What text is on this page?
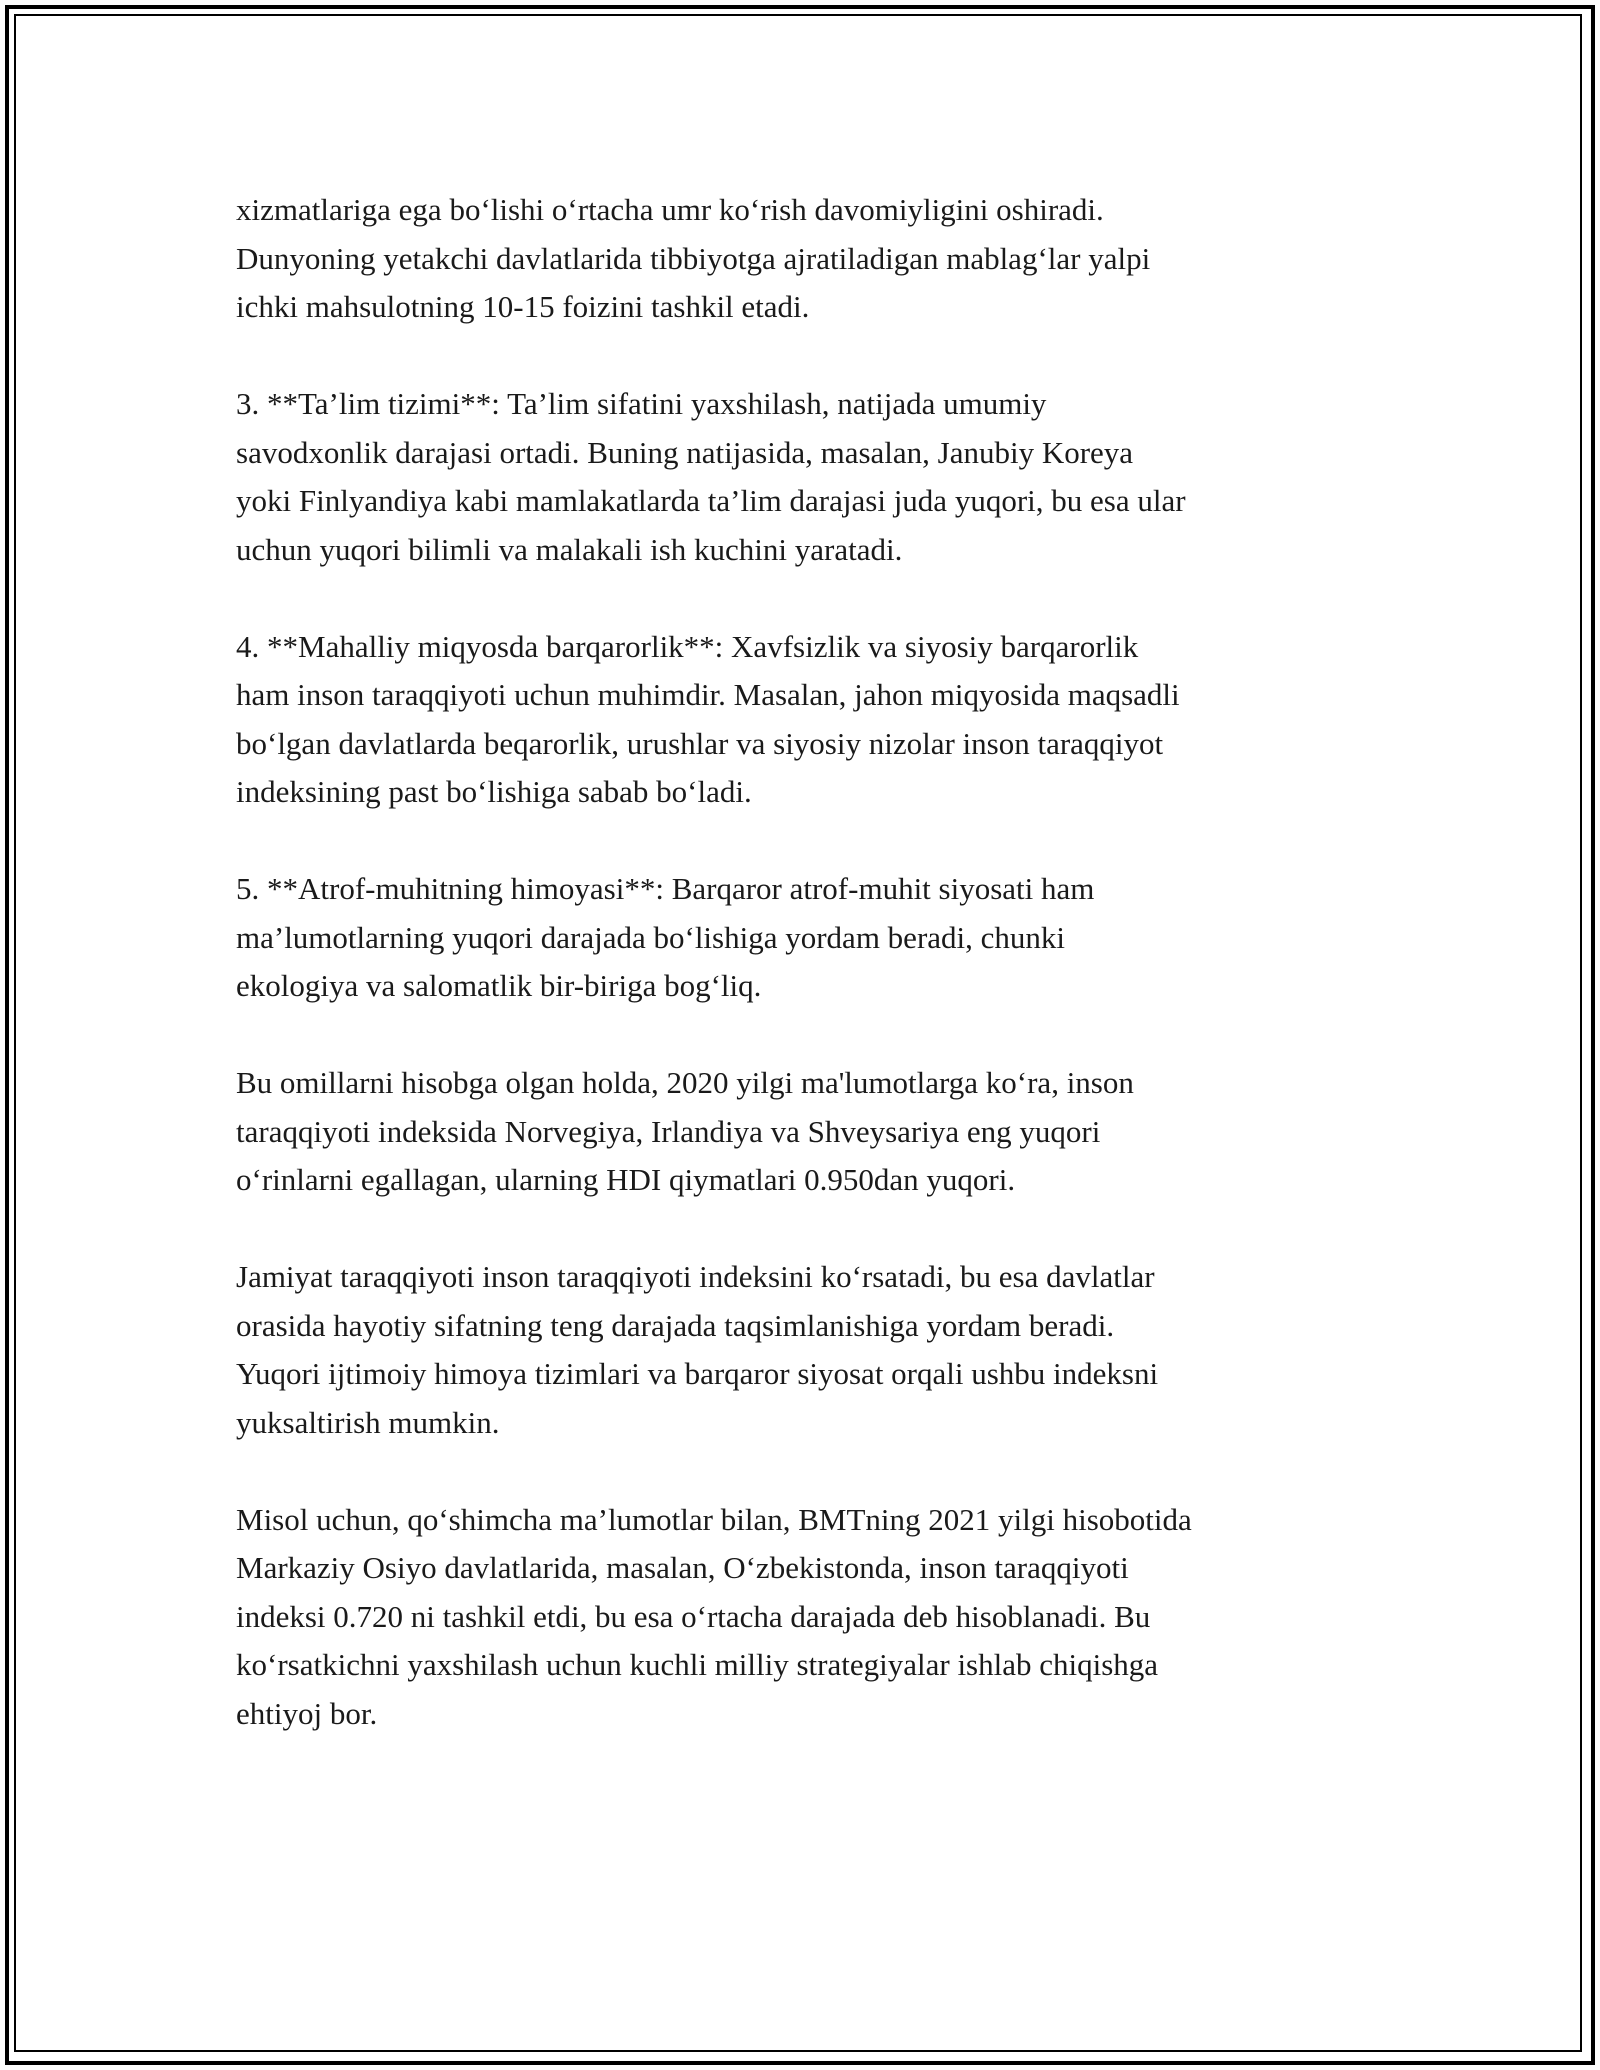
xizmatlariga ega bo‘lishi o‘rtacha umr ko‘rish davomiyligini oshiradi.
Dunyoning yetakchi davlatlarida tibbiyotga ajratiladigan mablag‘lar yalpi
ichki mahsulotning 10-15 foizini tashkil etadi.

3. **Ta’lim tizimi**: Ta’lim sifatini yaxshilash, natijada umumiy
savodxonlik darajasi ortadi. Buning natijasida, masalan, Janubiy Koreya
yoki Finlyandiya kabi mamlakatlarda ta’lim darajasi juda yuqori, bu esa ular
uchun yuqori bilimli va malakali ish kuchini yaratadi.

4. **Mahalliy miqyosda barqarorlik**: Xavfsizlik va siyosiy barqarorlik
ham inson taraqqiyoti uchun muhimdir. Masalan, jahon miqyosida maqsadli
bo‘lgan davlatlarda beqarorlik, urushlar va siyosiy nizolar inson taraqqiyot
indeksining past bo‘lishiga sabab bo‘ladi.

5. **Atrof-muhitning himoyasi**: Barqaror atrof-muhit siyosati ham
ma’lumotlarning yuqori darajada bo‘lishiga yordam beradi, chunki
ekologiya va salomatlik bir-biriga bog‘liq.

Bu omillarni hisobga olgan holda, 2020 yilgi ma'lumotlarga ko‘ra, inson
taraqqiyoti indeksida Norvegiya, Irlandiya va Shveysariya eng yuqori
o‘rinlarni egallagan, ularning HDI qiymatlari 0.950dan yuqori.

Jamiyat taraqqiyoti inson taraqqiyoti indeksini ko‘rsatadi, bu esa davlatlar
orasida hayotiy sifatning teng darajada taqsimlanishiga yordam beradi.
Yuqori ijtimoiy himoya tizimlari va barqaror siyosat orqali ushbu indeksni
yuksaltirish mumkin.

Misol uchun, qo‘shimcha ma’lumotlar bilan, BMTning 2021 yilgi hisobotida
Markaziy Osiyo davlatlarida, masalan, O‘zbekistonda, inson taraqqiyoti
indeksi 0.720 ni tashkil etdi, bu esa o‘rtacha darajada deb hisoblanadi. Bu
ko‘rsatkichni yaxshilash uchun kuchli milliy strategiyalar ishlab chiqishga
ehtiyoj bor.
